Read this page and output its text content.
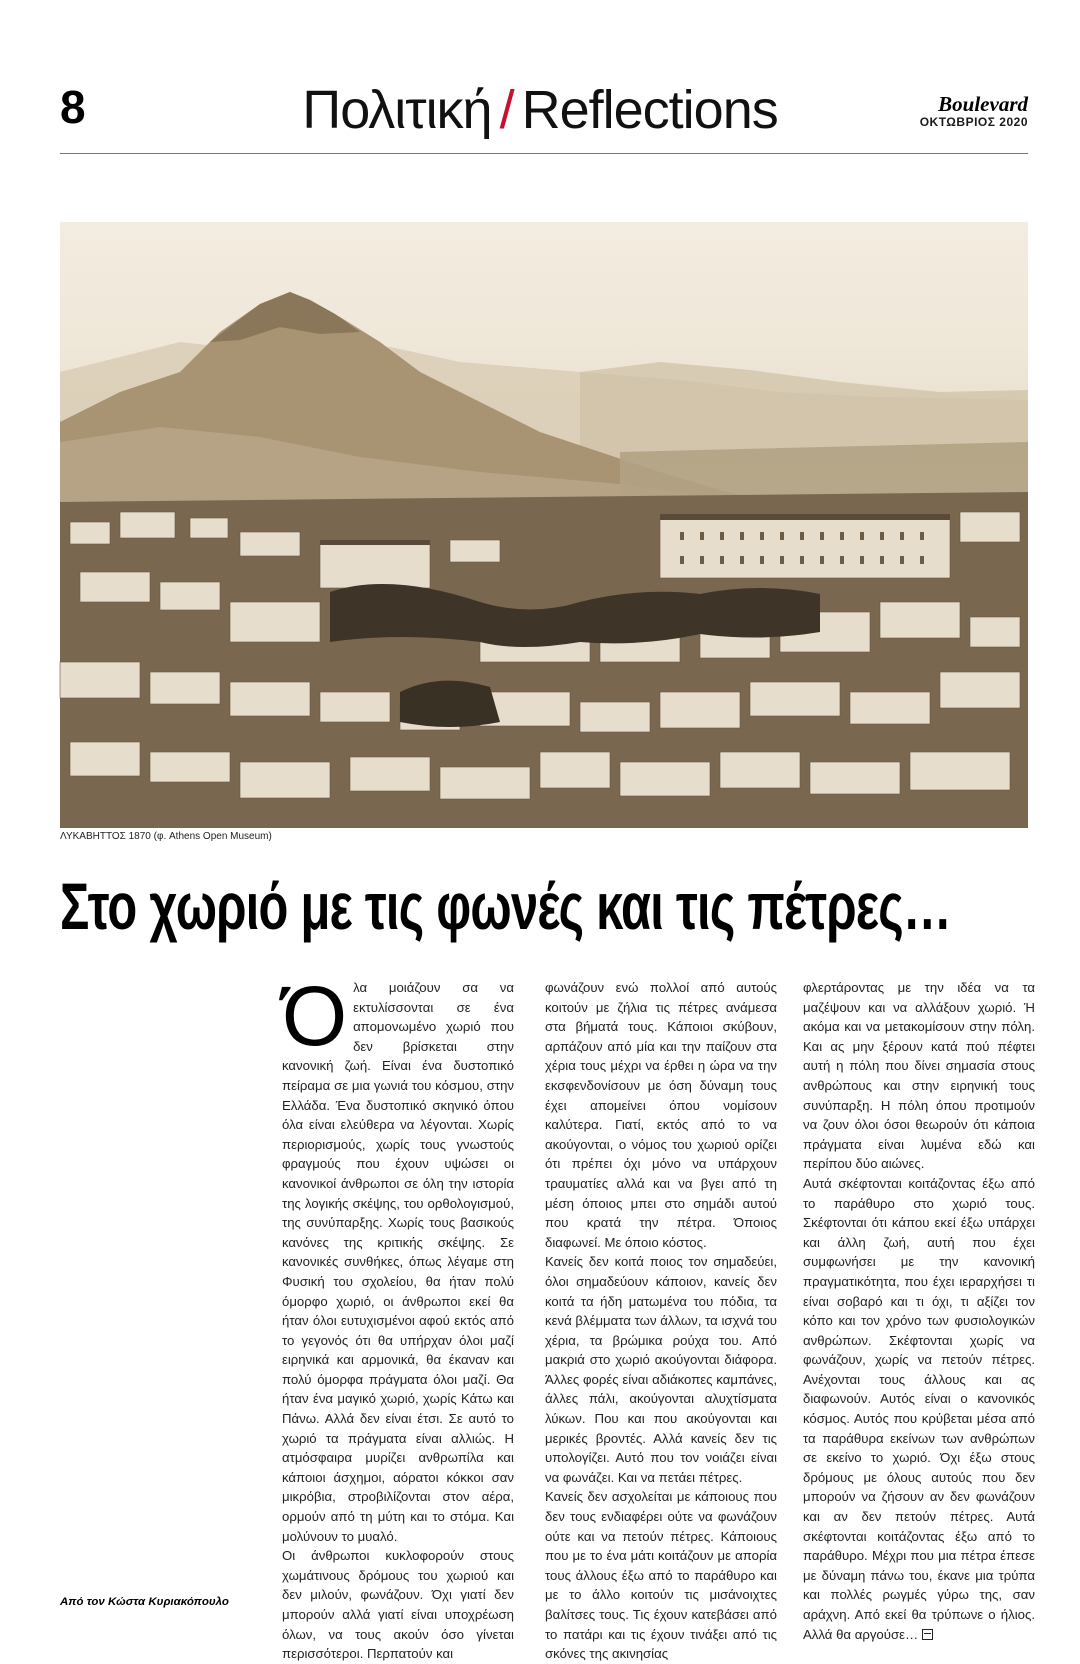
8	Πολιτική / Reflections	Boulevard
ΟΚΤΩΒΡΙΟΣ 2020
ΛΥΚΑΒΗΤΤΟΣ 1870 (φ. Athens Open Museum)
Στο χωριό με τις φωνές και τις πέτρες…
Ό λα μοιάζουν σα να εκτυλίσσονται σε ένα απομονωμένο χωριό που δεν βρίσκεται στην κανονική ζωή. Είναι ένα δυστοπικό πείραμα σε μια γωνιά του κόσμου, στην Ελλάδα. Ένα δυστοπικό σκηνικό όπου όλα είναι ελεύθερα να λέγονται. Χωρίς περιορισμούς, χωρίς τους γνωστούς φραγμούς που έχουν υψώσει οι κανονικοί άνθρωποι σε όλη την ιστορία της λογικής σκέψης, του ορθολογισμού, της συνύπαρξης. Χωρίς τους βασικούς κανόνες της κριτικής σκέψης. Σε κανονικές συνθήκες, όπως λέγαμε στη Φυσική του σχολείου, θα ήταν πολύ όμορφο χωριό, οι άνθρωποι εκεί θα ήταν όλοι ευτυχισμένοι αφού εκτός από το γεγονός ότι θα υπήρχαν όλοι μαζί ειρηνικά και αρμονικά, θα έκαναν και πολύ όμορφα πράγματα όλοι μαζί. Θα ήταν ένα μαγικό χωριό, χωρίς Κάτω και Πάνω. Αλλά δεν είναι έτσι. Σε αυτό το χωριό τα πράγματα είναι αλλιώς. Η ατμόσφαιρα μυρίζει ανθρωπίλα και κάποιοι άσχημοι, αόρατοι κόκκοι σαν μικρόβια, στροβιλίζονται στον αέρα, ορμούν από τη μύτη και το στόμα. Και μολύνουν το μυαλό.

Οι άνθρωποι κυκλοφορούν στους χωμάτινους δρόμους του χωριού και δεν μιλούν, φωνάζουν. Όχι γιατί δεν μπορούν αλλά γιατί είναι υποχρέωση όλων, να τους ακούν όσο γίνεται περισσότεροι. Περπατούν και

φωνάζουν ενώ πολλοί από αυτούς κοιτούν με ζήλια τις πέτρες ανάμεσα στα βήματά τους. Κάποιοι σκύβουν, αρπάζουν από μία και την παίζουν στα χέρια τους μέχρι να έρθει η ώρα να την εκσφενδονίσουν με όση δύναμη τους έχει απομείνει όπου νομίσουν καλύτερα. Γιατί, εκτός από το να ακούγονται, ο νόμος του χωριού ορίζει ότι πρέπει όχι μόνο να υπάρχουν τραυματίες αλλά και να βγει από τη μέση όποιος μπει στο σημάδι αυτού που κρατά την πέτρα. Όποιος διαφωνεί. Με όποιο κόστος.

Κανείς δεν κοιτά ποιος τον σημαδεύει, όλοι σημαδεύουν κάποιον, κανείς δεν κοιτά τα ήδη ματωμένα του πόδια, τα κενά βλέμματα των άλλων, τα ισχνά του χέρια, τα βρώμικα ρούχα του. Από μακριά στο χωριό ακούγονται διάφορα. Άλλες φορές είναι αδιάκοπες καμπάνες, άλλες πάλι, ακούγονται αλυχτίσματα λύκων. Που και που ακούγονται και μερικές βροντές. Αλλά κανείς δεν τις υπολογίζει. Αυτό που τον νοιάζει είναι να φωνάζει. Και να πετάει πέτρες.

Κανείς δεν ασχολείται με κάποιους που δεν τους ενδιαφέρει ούτε να φωνάζουν ούτε και να πετούν πέτρες. Κάποιους που με το ένα μάτι κοιτάζουν με απορία τους άλλους έξω από το παράθυρο και με το άλλο κοιτούν τις μισάνοιχτες βαλίτσες τους. Τις έχουν κατεβάσει από το πατάρι και τις έχουν τινάξει από τις σκόνες της ακινησίας

φλερτάροντας με την ιδέα να τα μαζέψουν και να αλλάξουν χωριό. Ή ακόμα και να μετακομίσουν στην πόλη. Και ας μην ξέρουν κατά πού πέφτει αυτή η πόλη που δίνει σημασία στους ανθρώπους και στην ειρηνική τους συνύπαρξη. Η πόλη όπου προτιμούν να ζουν όλοι όσοι θεωρούν ότι κάποια πράγματα είναι λυμένα εδώ και περίπου δύο αιώνες.

Αυτά σκέφτονται κοιτάζοντας έξω από το παράθυρο στο χωριό τους. Σκέφτονται ότι κάπου εκεί έξω υπάρχει και άλλη ζωή, αυτή που έχει συμφωνήσει με την κανονική πραγματικότητα, που έχει ιεραρχήσει τι είναι σοβαρό και τι όχι, τι αξίζει τον κόπο και τον χρόνο των φυσιολογικών ανθρώπων. Σκέφτονται χωρίς να φωνάζουν, χωρίς να πετούν πέτρες. Ανέχονται τους άλλους και ας διαφωνούν. Αυτός είναι ο κανονικός κόσμος. Αυτός που κρύβεται μέσα από τα παράθυρα εκείνων των ανθρώπων σε εκείνο το χωριό. Όχι έξω στους δρόμους με όλους αυτούς που δεν μπορούν να ζήσουν αν δεν φωνάζουν και αν δεν πετούν πέτρες. Αυτά σκέφτονται κοιτάζοντας έξω από το παράθυρο. Μέχρι που μια πέτρα έπεσε με δύναμη πάνω του, έκανε μια τρύπα και πολλές ρωγμές γύρω της, σαν αράχνη. Από εκεί θα τρύπωνε ο ήλιος. Αλλά θα αργούσε…

Από τον Κώστα Κυριακόπουλο
